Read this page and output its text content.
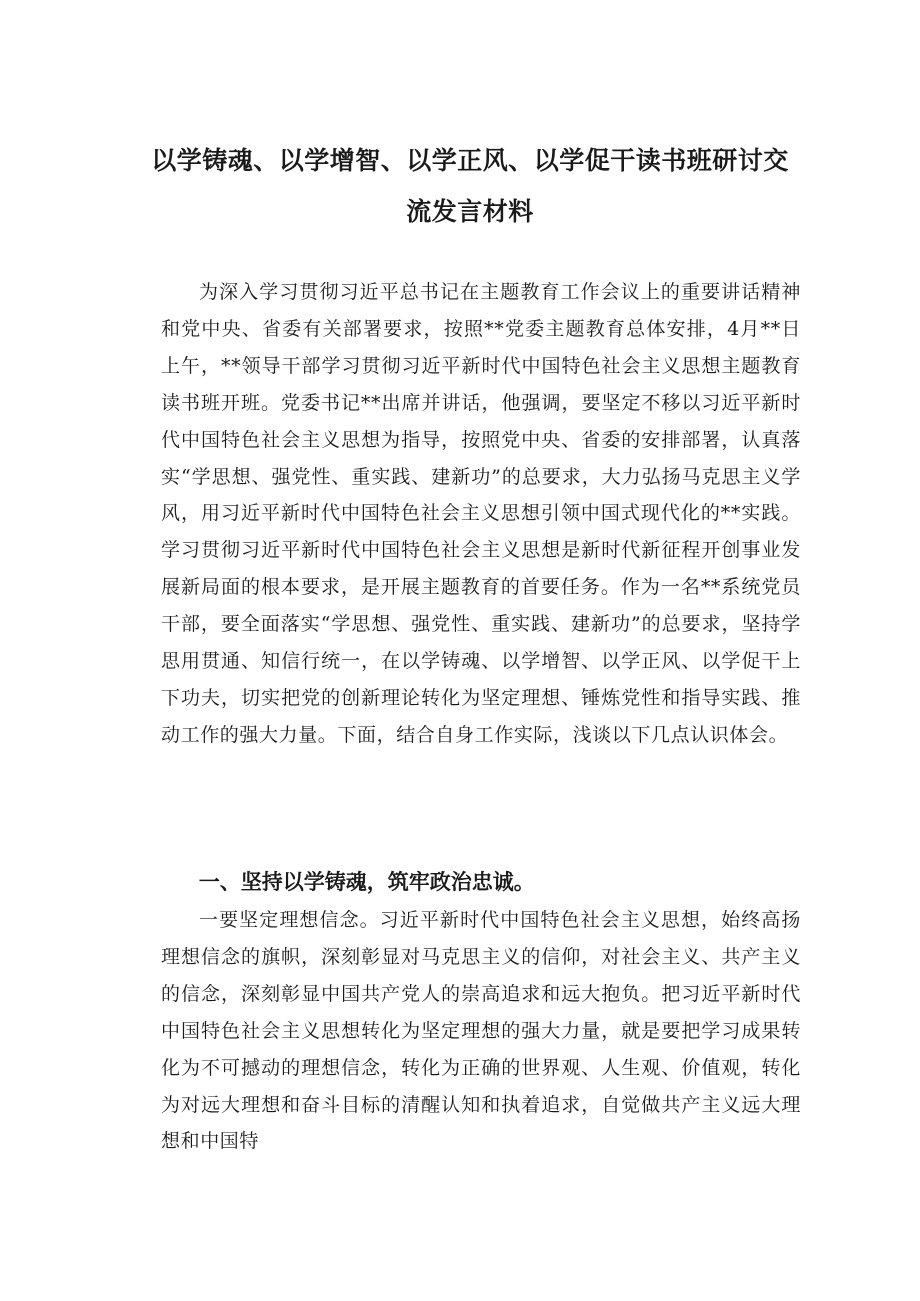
以学铸魂、以学增智、以学正风、以学促干读书班研讨交
流发言材料

为深入学习贯彻习近平总书记在主题教育工作会议上的重要讲话精神和党中央、省委有关部署要求，按照**党委主题教育总体安排，4月**日上午，**领导干部学习贯彻习近平新时代中国特色社会主义思想主题教育读书班开班。党委书记**出席并讲话，他强调，要坚定不移以习近平新时代中国特色社会主义思想为指导，按照党中央、省委的安排部署，认真落实“学思想、强党性、重实践、建新功”的总要求，大力弘扬马克思主义学风，用习近平新时代中国特色社会主义思想引领中国式现代化的**实践。学习贯彻习近平新时代中国特色社会主义思想是新时代新征程开创事业发展新局面的根本要求，是开展主题教育的首要任务。作为一名**系统党员干部，要全面落实“学思想、强党性、重实践、建新功”的总要求，坚持学思用贯通、知信行统一，在以学铸魂、以学增智、以学正风、以学促干上下功夫，切实把党的创新理论转化为坚定理想、锤炼党性和指导实践、推动工作的强大力量。下面，结合自身工作实际，浅谈以下几点认识体会。

一、坚持以学铸魂，筑牢政治忠诚。

一要坚定理想信念。习近平新时代中国特色社会主义思想，始终高扬理想信念的旗帜，深刻彰显对马克思主义的信仰，对社会主义、共产主义的信念，深刻彰显中国共产党人的崇高追求和远大抱负。把习近平新时代中国特色社会主义思想转化为坚定理想的强大力量，就是要把学习成果转化为不可撼动的理想信念，转化为正确的世界观、人生观、价值观，转化为对远大理想和奋斗目标的清醒认知和执着追求，自觉做共产主义远大理想和中国特
